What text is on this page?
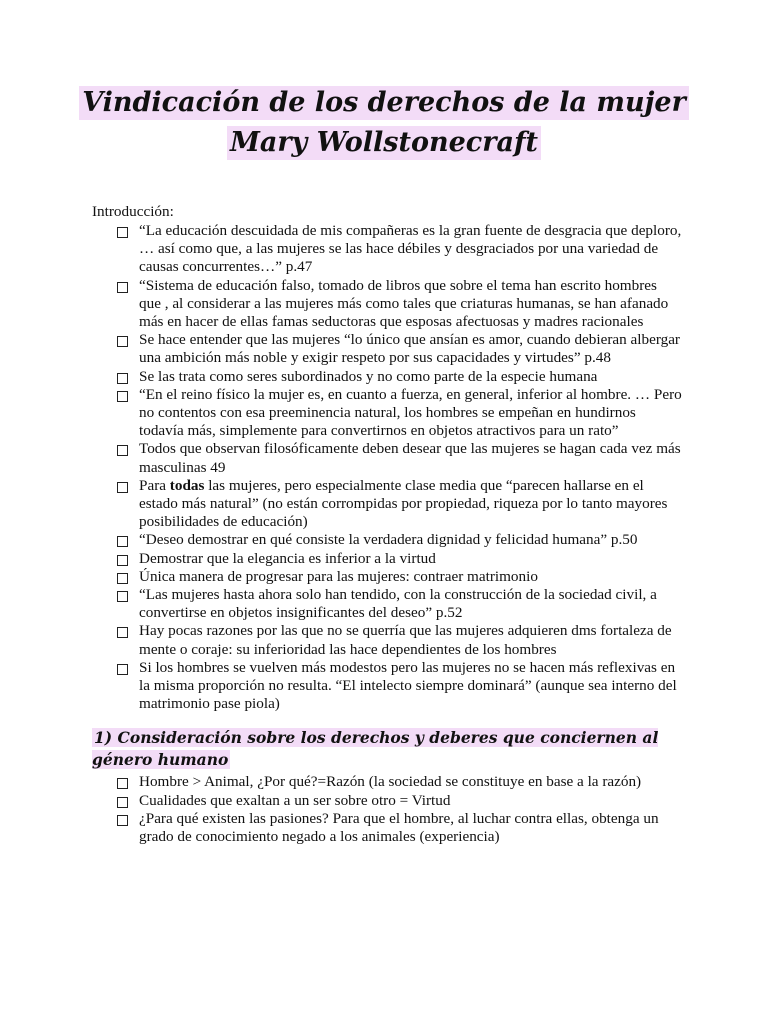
Vindicación de los derechos de la mujer
Mary Wollstonecraft
Introducción:
“La educación descuidada de mis compañeras es la gran fuente de desgracia que deploro, … así como que, a las mujeres se las hace débiles y desgraciados por una variedad de causas concurrentes…” p.47
“Sistema de educación falso, tomado de libros que sobre el tema han escrito hombres que , al considerar a las mujeres más como tales que criaturas humanas, se han afanado más en hacer de ellas famas seductoras que esposas afectuosas y madres racionales
Se hace entender que las mujeres “lo único que ansían es amor, cuando debieran albergar una ambición más noble y exigir respeto por sus capacidades y virtudes” p.48
Se las trata como seres subordinados y no como parte de la especie humana
“En el reino físico la mujer es, en cuanto a fuerza, en general, inferior al hombre. … Pero no contentos con esa preeminencia natural, los hombres se empeñan en hundirnos todavía más, simplemente para convertirnos en objetos atractivos para un rato”
Todos que observan filosóficamente deben desear que las mujeres se hagan cada vez más masculinas 49
Para todas las mujeres, pero especialmente clase media que “parecen hallarse en el estado más natural” (no están corrompidas por propiedad, riqueza por lo tanto mayores posibilidades de educación)
“Deseo demostrar en qué consiste la verdadera dignidad y felicidad humana” p.50
Demostrar que la elegancia es inferior a la virtud
Única manera de progresar para las mujeres: contraer matrimonio
“Las mujeres hasta ahora solo han tendido, con la construcción de la sociedad civil, a convertirse en objetos insignificantes del deseo” p.52
Hay pocas razones por las que no se querría que las mujeres adquieren dms fortaleza de mente o coraje: su inferioridad las hace dependientes de los hombres
Si los hombres se vuelven más modestos pero las mujeres no se hacen más reflexivas en la misma proporción no resulta. “El intelecto siempre dominará” (aunque sea interno del matrimonio pase piola)
1) Consideración sobre los derechos y deberes que conciernen al género humano
Hombre > Animal, ¿Por qué?=Razón (la sociedad se constituye en base a la razón)
Cualidades que exaltan a un ser sobre otro = Virtud
¿Para qué existen las pasiones? Para que el hombre, al luchar contra ellas, obtenga un grado de conocimiento negado a los animales (experiencia)
